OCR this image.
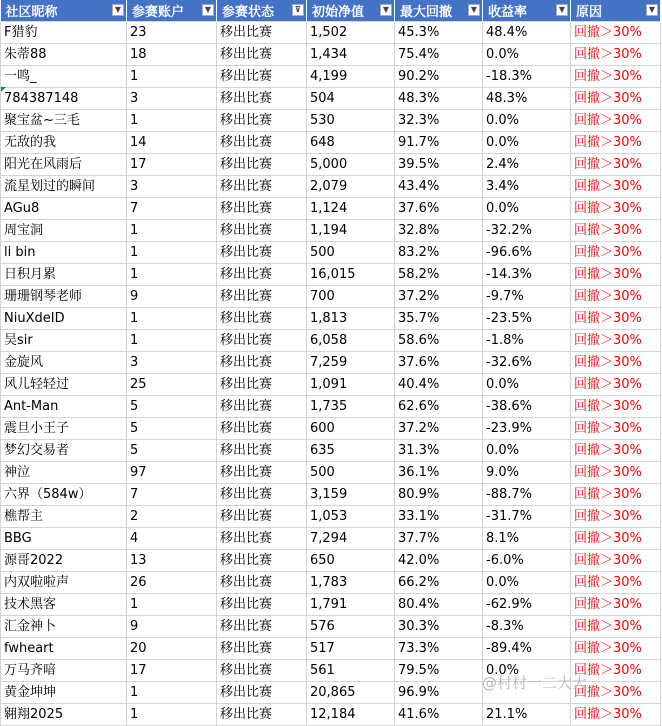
社区昵称 ▼	参赛账户 ▼	参赛状态 ⊽	初始净值 ▼	最大回撤 ▼	收益率 ▼	原因 ▼

F猎豹	23	移出比赛	1,502	45.3%	48.4%	回撤＞30%
朱蒂88	18	移出比赛	1,434	75.4%	0.0%	回撤＞30%
一鸣_	1	移出比赛	4,199	90.2%	-18.3%	回撤＞30%
784387148	3	移出比赛	504	48.3%	48.3%	回撤＞30%
聚宝盆~三毛	1	移出比赛	530	32.3%	0.0%	回撤＞30%
无敌的我	14	移出比赛	648	91.7%	0.0%	回撤＞30%
阳光在风雨后	17	移出比赛	5,000	39.5%	2.4%	回撤＞30%
流星划过的瞬间	3	移出比赛	2,079	43.4%	3.4%	回撤＞30%
AGu8	7	移出比赛	1,124	37.6%	0.0%	回撤＞30%
周宝洞	1	移出比赛	1,194	32.8%	-32.2%	回撤＞30%
li bin	1	移出比赛	500	83.2%	-96.6%	回撤＞30%
日积月累	1	移出比赛	16,015	58.2%	-14.3%	回撤＞30%
珊珊钢琴老师	9	移出比赛	700	37.2%	-9.7%	回撤＞30%
NiuXdeID	1	移出比赛	1,813	35.7%	-23.5%	回撤＞30%
吴sir	1	移出比赛	6,058	58.6%	-1.8%	回撤＞30%
金旋风	3	移出比赛	7,259	37.6%	-32.6%	回撤＞30%
风儿轻轻过	25	移出比赛	1,091	40.4%	0.0%	回撤＞30%
Ant-Man	5	移出比赛	1,735	62.6%	-38.6%	回撤＞30%
震旦小王子	5	移出比赛	600	37.2%	-23.9%	回撤＞30%
梦幻交易者	5	移出比赛	635	31.3%	0.0%	回撤＞30%
神泣	97	移出比赛	500	36.1%	9.0%	回撤＞30%
六界（584w）	7	移出比赛	3,159	80.9%	-88.7%	回撤＞30%
樵帮主	2	移出比赛	1,053	33.1%	-31.7%	回撤＞30%
BBG	4	移出比赛	7,294	37.7%	8.1%	回撤＞30%
源哥2022	13	移出比赛	650	42.0%	-6.0%	回撤＞30%
内双啦啦声	26	移出比赛	1,783	66.2%	0.0%	回撤＞30%
技术黑客	1	移出比赛	1,791	80.4%	-62.9%	回撤＞30%
汇金神卜	9	移出比赛	576	30.3%	-8.3%	回撤＞30%
fwheart	20	移出比赛	517	73.3%	-89.4%	回撤＞30%
万马齐喑	17	移出比赛	561	79.5%	0.0%	回撤＞30%
黄金坤坤	1	移出比赛	20,865	96.9%		回撤＞30%
翱翔2025	1	移出比赛	12,184	41.6%	21.1%	回撤＞30%
@村村一二大大
